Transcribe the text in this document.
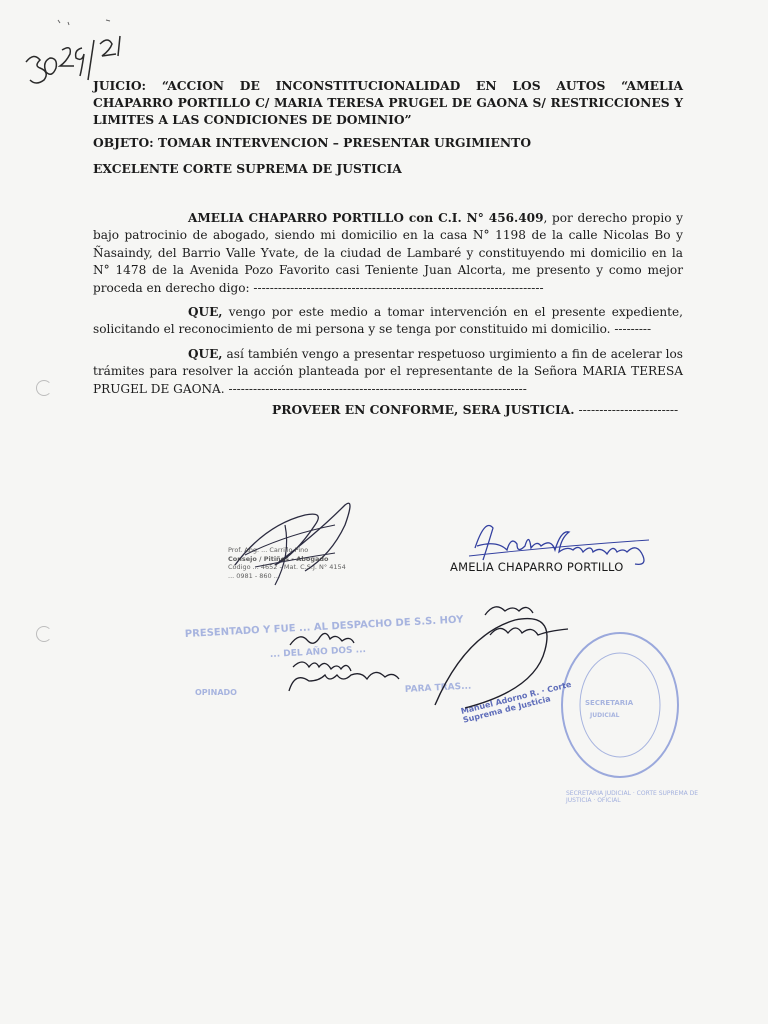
JUICIO: “ACCION DE INCONSTITUCIONALIDAD EN LOS AUTOS “AMELIA CHAPARRO PORTILLO C/ MARIA TERESA PRUGEL DE GAONA S/ RESTRICCIONES Y LIMITES A LAS CONDICIONES DE DOMINIO”

OBJETO: TOMAR INTERVENCION – PRESENTAR URGIMIENTO
EXCELENTE CORTE SUPREMA DE JUSTICIA

AMELIA CHAPARRO PORTILLO con C.I. N° 456.409, por derecho propio y bajo patrocinio de abogado, siendo mi domicilio en la casa N° 1198 de la calle Nicolas Bo y Ñasaindy, del Barrio Valle Yvate, de la ciudad de Lambaré y constituyendo mi domicilio en la N° 1478 de la Avenida Pozo Favorito casi Teniente Juan Alcorta, me presento y como mejor proceda en derecho digo: -----------------------------------------------------------------------

QUE, vengo por este medio a tomar intervención en el presente expediente, solicitando el reconocimiento de mi persona y se tenga por constituido mi domicilio. ---------

QUE, así también vengo a presentar respetuoso urgimiento a fin de acelerar los trámites para resolver la acción planteada por el representante de la Señora MARIA TERESA PRUGEL DE GAONA. -------------------------------------------------------------------------

PROVEER EN CONFORME, SERA JUSTICIA. ------------------------
Prof. Abg. ... Carrillo Pino
Consejo / Pitiñes - Abogado
Código ... 4652 - Mat. C.S.J. N° 4154
... 0981 - 860 ...
AMELIA CHAPARRO PORTILLO
PRESENTADO Y FUE ... AL DESPACHO DE S.S. HOY
... DEL AÑO DOS ...
PARA TRAS...
OPINADO
SECRETARIA
JUDICIAL
SECRETARIA JUDICIAL · CORTE SUPREMA DE JUSTICIA · OFICIAL
Manuel Adorno R. · Corte Suprema de Justicia
